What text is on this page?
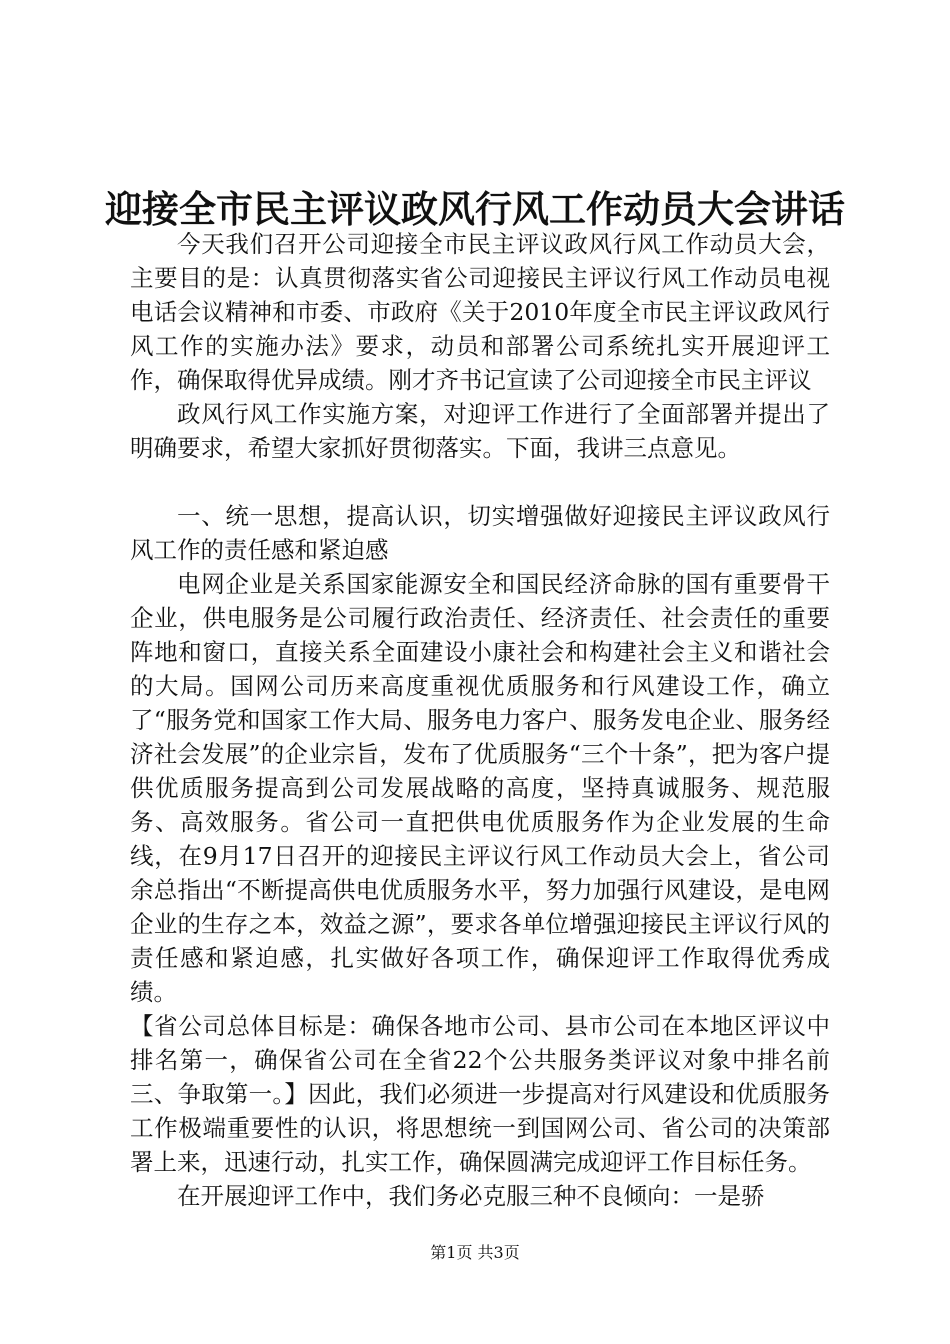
迎接全市民主评议政风行风工作动员大会讲话

今天我们召开公司迎接全市民主评议政风行风工作动员大会，主要目的是：认真贯彻落实省公司迎接民主评议行风工作动员电视电话会议精神和市委、市政府《关于2010年度全市民主评议政风行风工作的实施办法》要求，动员和部署公司系统扎实开展迎评工作，确保取得优异成绩。刚才齐书记宣读了公司迎接全市民主评议

政风行风工作实施方案，对迎评工作进行了全面部署并提出了明确要求，希望大家抓好贯彻落实。下面，我讲三点意见。

一、统一思想，提高认识，切实增强做好迎接民主评议政风行风工作的责任感和紧迫感

电网企业是关系国家能源安全和国民经济命脉的国有重要骨干企业，供电服务是公司履行政治责任、经济责任、社会责任的重要阵地和窗口，直接关系全面建设小康社会和构建社会主义和谐社会的大局。国网公司历来高度重视优质服务和行风建设工作，确立了“服务党和国家工作大局、服务电力客户、服务发电企业、服务经济社会发展”的企业宗旨，发布了优质服务“三个十条”，把为客户提供优质服务提高到公司发展战略的高度，坚持真诚服务、规范服务、高效服务。省公司一直把供电优质服务作为企业发展的生命线，在9月17日召开的迎接民主评议行风工作动员大会上，省公司余总指出“不断提高供电优质服务水平，努力加强行风建设，是电网企业的生存之本，效益之源”，要求各单位增强迎接民主评议行风的责任感和紧迫感，扎实做好各项工作，确保迎评工作取得优秀成绩。

【省公司总体目标是：确保各地市公司、县市公司在本地区评议中排名第一，确保省公司在全省22个公共服务类评议对象中排名前三、争取第一。】因此，我们必须进一步提高对行风建设和优质服务工作极端重要性的认识，将思想统一到国网公司、省公司的决策部署上来，迅速行动，扎实工作，确保圆满完成迎评工作目标任务。

在开展迎评工作中，我们务必克服三种不良倾向：一是骄

第1页 共3页
